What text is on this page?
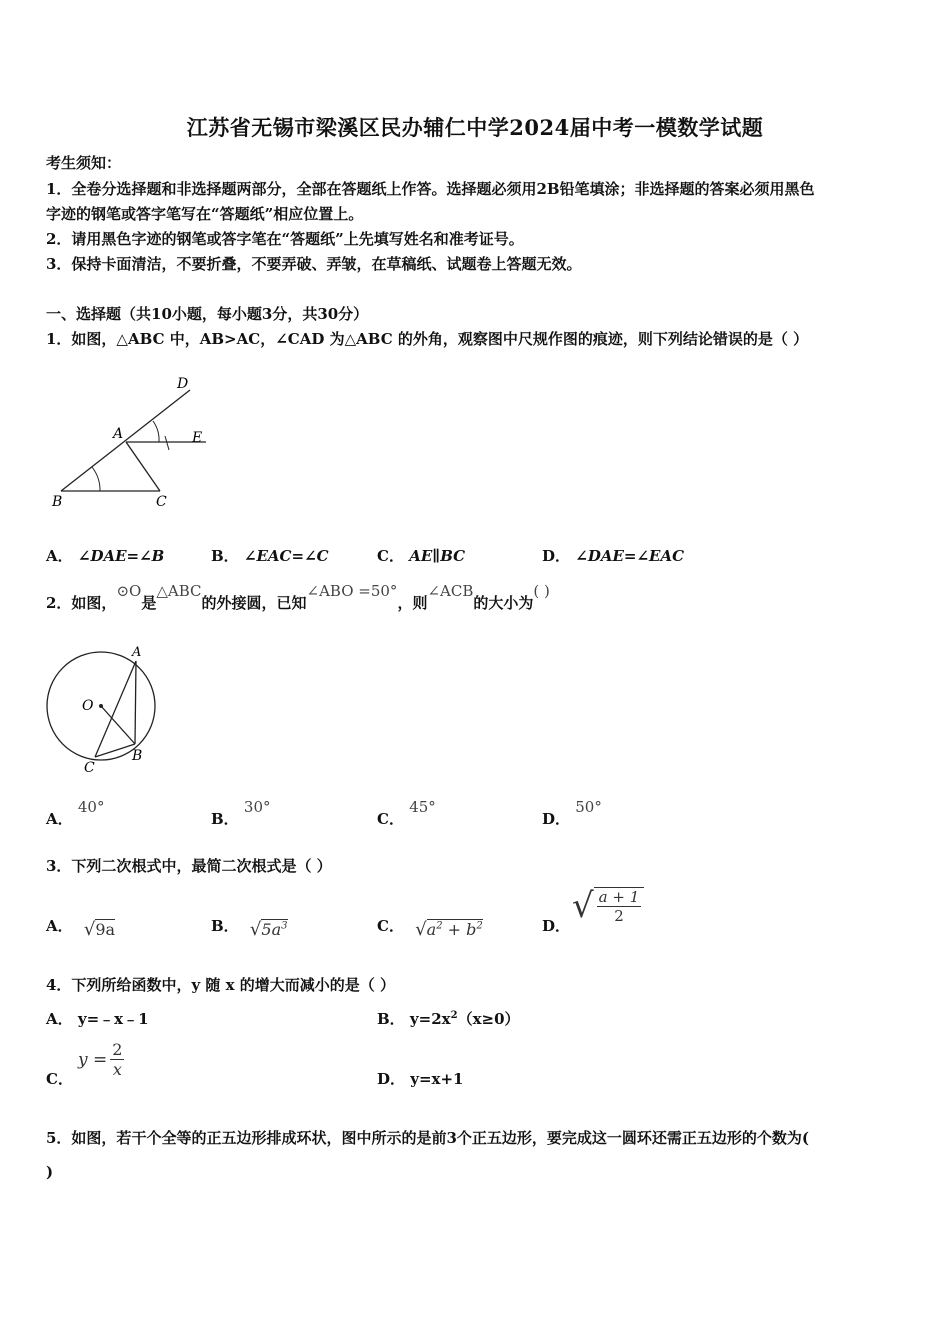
江苏省无锡市梁溪区民办辅仁中学2024届中考一模数学试题
考生须知：
1．全卷分选择题和非选择题两部分，全部在答题纸上作答。选择题必须用2B铅笔填涂；非选择题的答案必须用黑色
字迹的钢笔或答字笔写在“答题纸”相应位置上。
2．请用黑色字迹的钢笔或答字笔在“答题纸”上先填写姓名和准考证号。
3．保持卡面清洁，不要折叠，不要弄破、弄皱，在草稿纸、试题卷上答题无效。
一、选择题（共10小题，每小题3分，共30分）
1．如图，△ABC 中，AB>AC，∠CAD 为△ABC 的外角，观察图中尺规作图的痕迹，则下列结论错误的是（ ）
D
A	E
B	C
A． ∠DAE=∠B	B． ∠EAC=∠C	C． AE∥BC	D． ∠DAE=∠EAC
2．如图，⊙O是△ABC的外接圆，已知∠ABO =50°，则∠ACB的大小为( )
A
O
B
C
A． 40°
B． 30°
C． 45°
D． 50°
3．下列二次根式中，最简二次根式是（ ）
A． √9a	B． $√5a^3$	C． $√a^2 + b^2$	D． √ $\frac{a + 1}{2}$
4．下列所给函数中，y 随 x 的增大而减小的是（ ）
A． y=﹣x﹣1	B． $y=2x^2(x\ge 0)$
C．
$y = \frac{2}{x}$	D． y=x+1
5．如图，若干个全等的正五边形排成环状，图中所示的是前3个正五边形，要完成这一圆环还需正五边形的个数为(
)
